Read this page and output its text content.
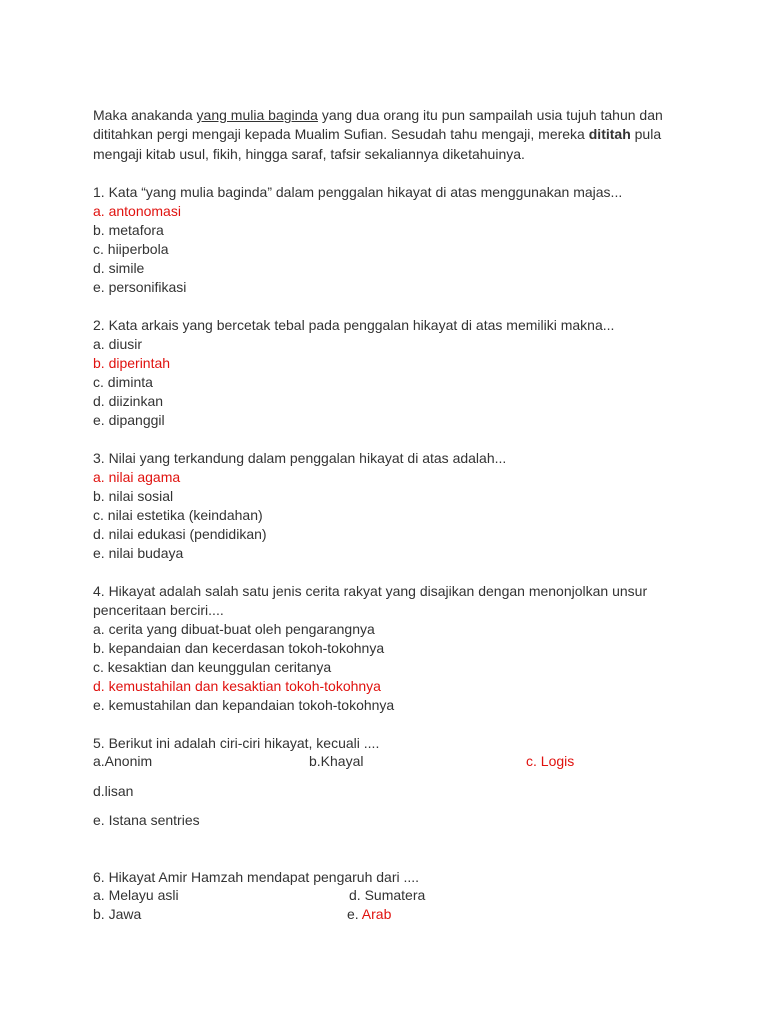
Maka anakanda yang mulia baginda yang dua orang itu pun sampailah usia tujuh tahun dan dititahkan pergi mengaji kepada Mualim Sufian. Sesudah tahu mengaji, mereka dititah pula mengaji kitab usul, fikih, hingga saraf, tafsir sekaliannya diketahuinya.

1. Kata “yang mulia baginda” dalam penggalan hikayat di atas menggunakan majas...

a. antonomasi

b. metafora

c. hiiperbola

d. simile

e. personifikasi

2. Kata arkais yang bercetak tebal pada penggalan hikayat di atas memiliki makna...

a. diusir

b. diperintah

c. diminta

d. diizinkan

e. dipanggil

3. Nilai yang terkandung dalam penggalan hikayat di atas adalah...

a. nilai agama

b. nilai sosial

c. nilai estetika (keindahan)

d. nilai edukasi (pendidikan)

e. nilai budaya

4. Hikayat adalah salah satu jenis cerita rakyat yang disajikan dengan menonjolkan unsur

penceritaan berciri....

a. cerita yang dibuat-buat oleh pengarangnya

b. kepandaian dan kecerdasan tokoh-tokohnya

c. kesaktian dan keunggulan ceritanya

d. kemustahilan dan kesaktian tokoh-tokohnya

e. kemustahilan dan kepandaian tokoh-tokohnya

5. Berikut ini adalah ciri-ciri hikayat, kecuali ....

a.Anonim	b.Khayal	c. Logis

d.lisan

e. Istana sentries

6. Hikayat Amir Hamzah mendapat pengaruh dari ....

a. Melayu asli	d. Sumatera
b. Jawa	e. Arab
